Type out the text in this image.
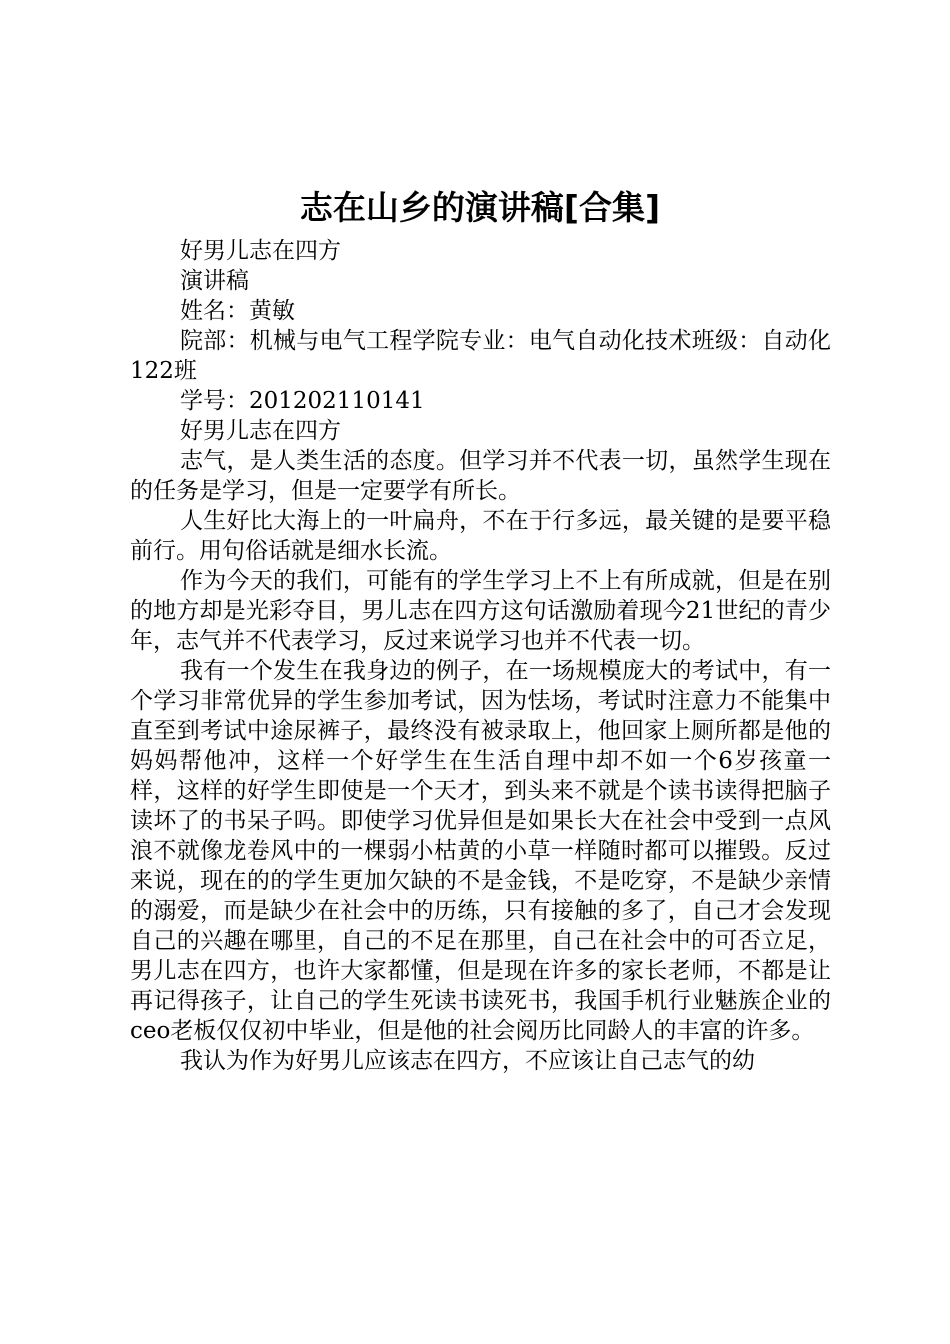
志在山乡的演讲稿[合集]

好男儿志在四方

演讲稿

姓名：黄敏

院部：机械与电气工程学院专业：电气自动化技术班级：自动化122班

学号：201202110141

好男儿志在四方

志气，是人类生活的态度。但学习并不代表一切，虽然学生现在的任务是学习，但是一定要学有所长。

人生好比大海上的一叶扁舟，不在于行多远，最关键的是要平稳前行。用句俗话就是细水长流。

作为今天的我们，可能有的学生学习上不上有所成就，但是在别的地方却是光彩夺目，男儿志在四方这句话激励着现今21世纪的青少年，志气并不代表学习，反过来说学习也并不代表一切。

我有一个发生在我身边的例子，在一场规模庞大的考试中，有一个学习非常优异的学生参加考试，因为怯场，考试时注意力不能集中直至到考试中途尿裤子，最终没有被录取上，他回家上厕所都是他的妈妈帮他冲，这样一个好学生在生活自理中却不如一个6岁孩童一样，这样的好学生即使是一个天才，到头来不就是个读书读得把脑子读坏了的书呆子吗。即使学习优异但是如果长大在社会中受到一点风浪不就像龙卷风中的一棵弱小枯黄的小草一样随时都可以摧毁。反过来说，现在的的学生更加欠缺的不是金钱，不是吃穿，不是缺少亲情的溺爱，而是缺少在社会中的历练，只有接触的多了，自己才会发现自己的兴趣在哪里，自己的不足在那里，自己在社会中的可否立足，男儿志在四方，也许大家都懂，但是现在许多的家长老师，不都是让再记得孩子，让自己的学生死读书读死书，我国手机行业魅族企业的ceo老板仅仅初中毕业，但是他的社会阅历比同龄人的丰富的许多。

我认为作为好男儿应该志在四方，不应该让自己志气的幼
